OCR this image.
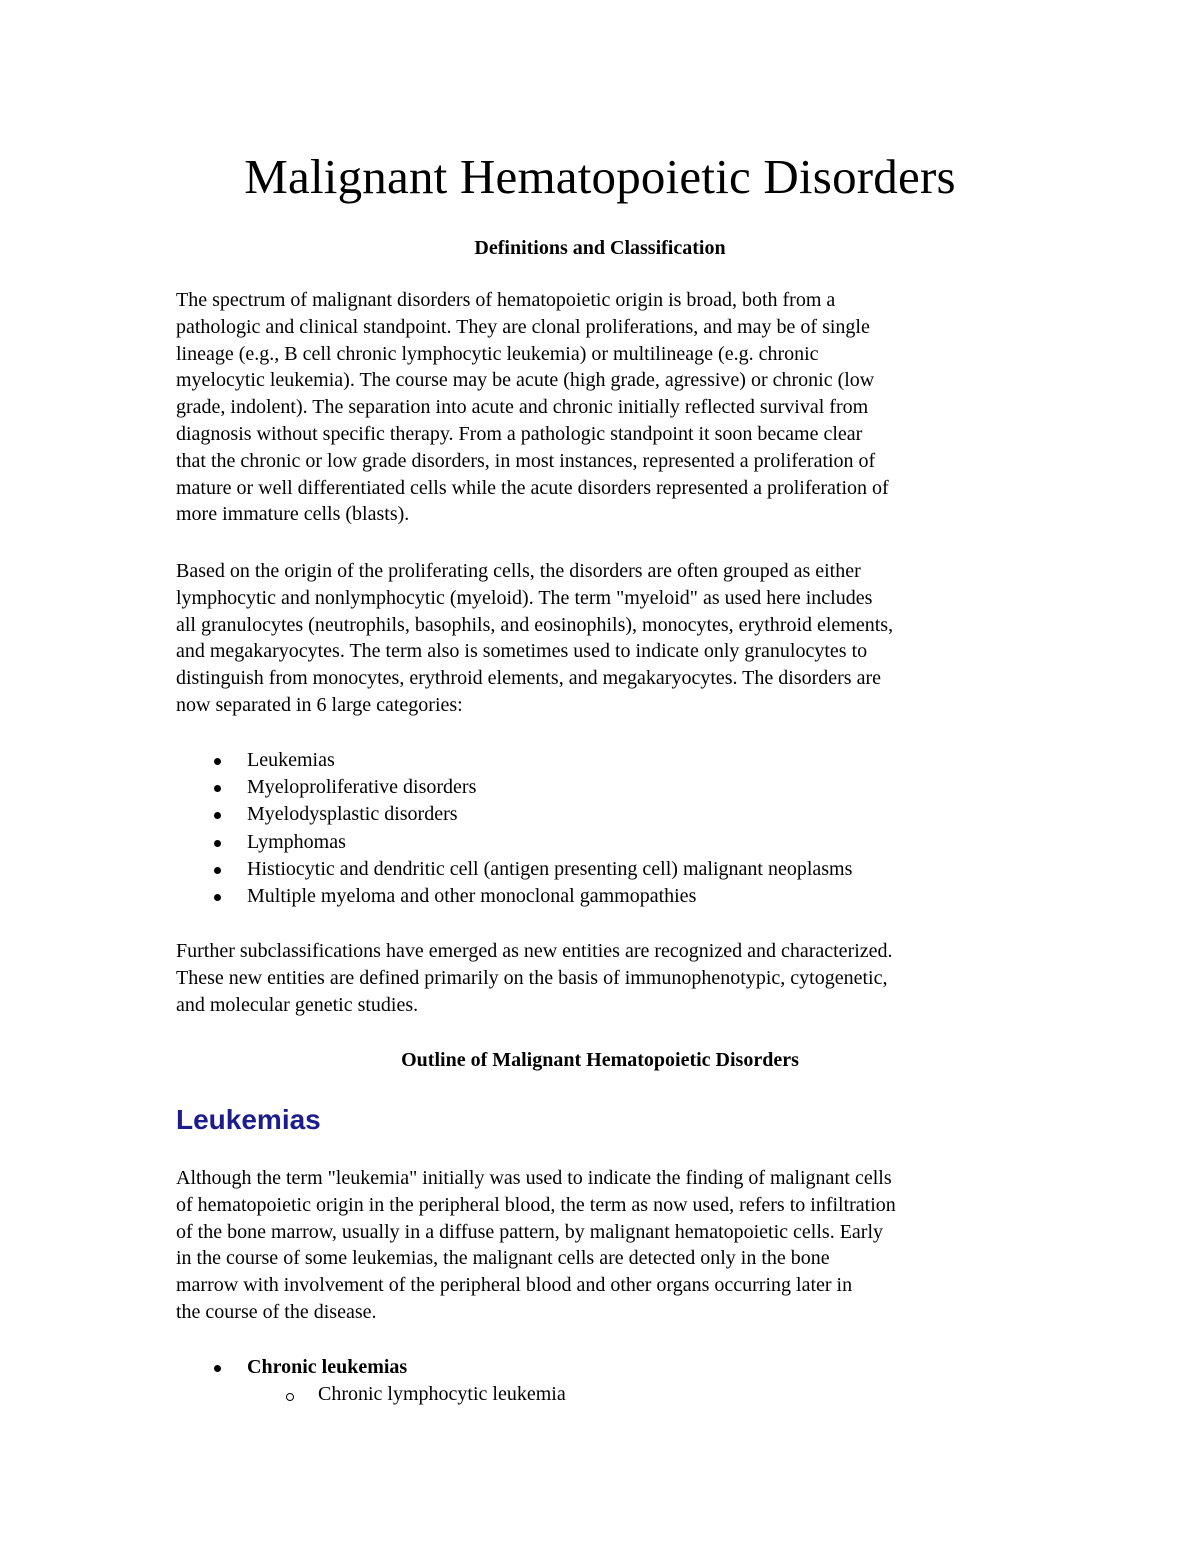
Malignant Hematopoietic Disorders
Definitions and Classification

The spectrum of malignant disorders of hematopoietic origin is broad, both from a
pathologic and clinical standpoint. They are clonal proliferations, and may be of single
lineage (e.g., B cell chronic lymphocytic leukemia) or multilineage (e.g. chronic
myelocytic leukemia). The course may be acute (high grade, agressive) or chronic (low
grade, indolent). The separation into acute and chronic initially reflected survival from
diagnosis without specific therapy. From a pathologic standpoint it soon became clear
that the chronic or low grade disorders, in most instances, represented a proliferation of
mature or well differentiated cells while the acute disorders represented a proliferation of
more immature cells (blasts).

Based on the origin of the proliferating cells, the disorders are often grouped as either
lymphocytic and nonlymphocytic (myeloid). The term "myeloid" as used here includes
all granulocytes (neutrophils, basophils, and eosinophils), monocytes, erythroid elements,
and megakaryocytes. The term also is sometimes used to indicate only granulocytes to
distinguish from monocytes, erythroid elements, and megakaryocytes. The disorders are
now separated in 6 large categories:

Leukemias
Myeloproliferative disorders
Myelodysplastic disorders
Lymphomas
Histiocytic and dendritic cell (antigen presenting cell) malignant neoplasms
Multiple myeloma and other monoclonal gammopathies

Further subclassifications have emerged as new entities are recognized and characterized.
These new entities are defined primarily on the basis of immunophenotypic, cytogenetic,
and molecular genetic studies.

Outline of Malignant Hematopoietic Disorders
Leukemias

Although the term "leukemia" initially was used to indicate the finding of malignant cells
of hematopoietic origin in the peripheral blood, the term as now used, refers to infiltration
of the bone marrow, usually in a diffuse pattern, by malignant hematopoietic cells. Early
in the course of some leukemias, the malignant cells are detected only in the bone
marrow with involvement of the peripheral blood and other organs occurring later in
the course of the disease.

Chronic leukemias
Chronic lymphocytic leukemia
